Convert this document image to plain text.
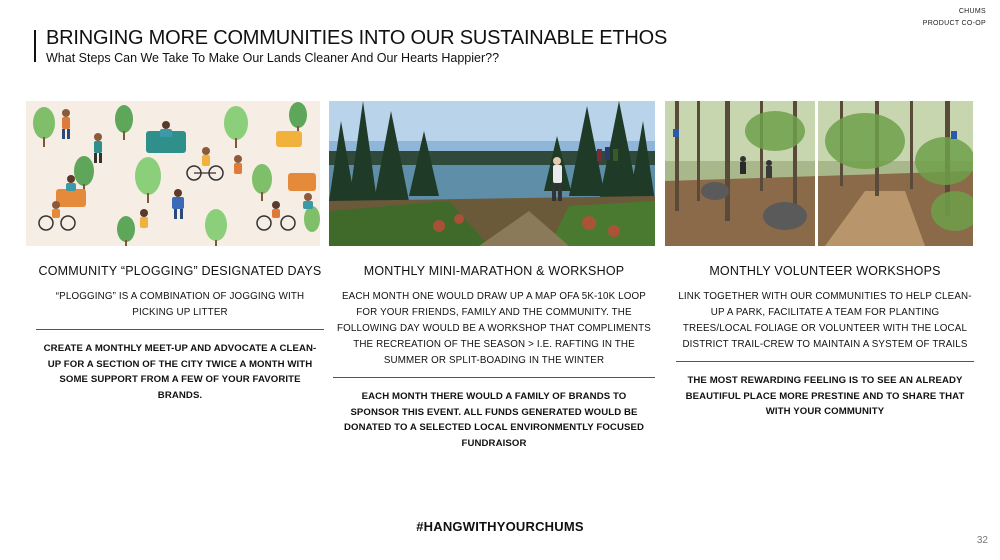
CHUMS
PRODUCT CO-OP
BRINGING MORE COMMUNITIES INTO OUR SUSTAINABLE ETHOS
What Steps Can We Take To Make Our Lands Cleaner And Our Hearts Happier??
COMMUNITY “PLOGGING” DESIGNATED DAYS
“PLOGGING” IS A COMBINATION OF JOGGING WITH PICKING UP LITTER
CREATE A MONTHLY MEET-UP AND ADVOCATE A CLEAN-UP FOR A SECTION OF THE CITY TWICE A MONTH WITH SOME SUPPORT FROM A FEW OF YOUR FAVORITE BRANDS.
MONTHLY MINI-MARATHON & WORKSHOP
EACH MONTH ONE WOULD DRAW UP A MAP OFA 5K-10K LOOP FOR YOUR FRIENDS, FAMILY AND THE COMMUNITY. THE FOLLOWING DAY WOULD BE A WORKSHOP THAT COMPLIMENTS THE RECREATION OF THE SEASON > I.E. RAFTING IN THE SUMMER OR SPLIT-BOADING IN THE WINTER
EACH MONTH THERE WOULD A FAMILY OF BRANDS TO SPONSOR THIS EVENT. ALL FUNDS GENERATED WOULD BE DONATED TO A SELECTED LOCAL ENVIRONMENTLY FOCUSED FUNDRAISOR
MONTHLY VOLUNTEER WORKSHOPS
LINK TOGETHER WITH OUR COMMUNITIES TO HELP CLEAN-UP A PARK, FACILITATE A TEAM FOR PLANTING TREES/LOCAL FOLIAGE OR VOLUNTEER WITH THE LOCAL DISTRICT TRAIL-CREW TO MAINTAIN A SYSTEM OF TRAILS
THE MOST REWARDING FEELING IS TO SEE AN ALREADY BEAUTIFUL PLACE MORE PRESTINE AND TO SHARE THAT WITH YOUR COMMUNITY
#HANGWITHYOURCHUMS
32
